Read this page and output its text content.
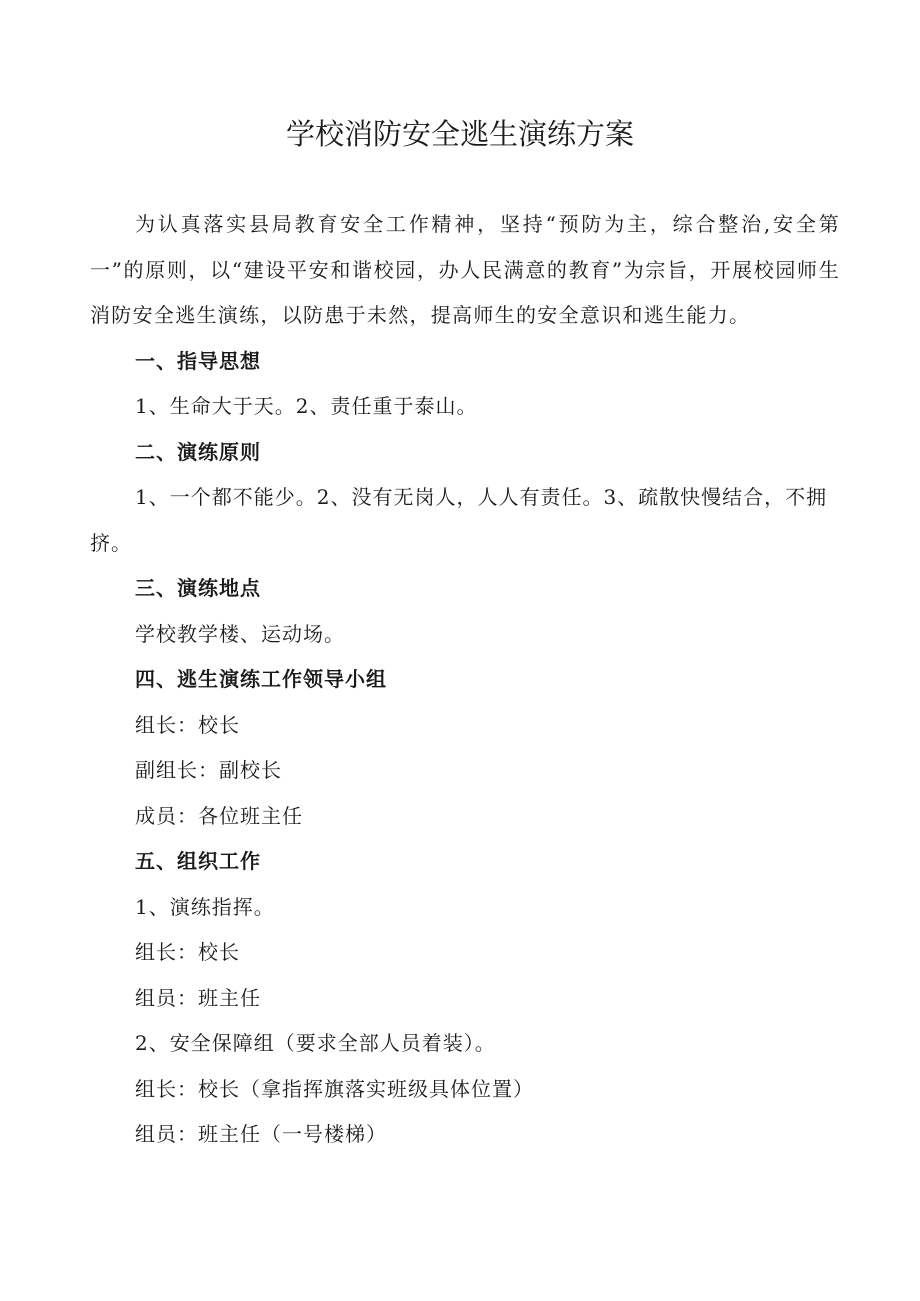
学校消防安全逃生演练方案

为认真落实县局教育安全工作精神，坚持“预防为主，综合整治,安全第一”的原则，以“建设平安和谐校园，办人民满意的教育”为宗旨，开展校园师生消防安全逃生演练，以防患于未然，提高师生的安全意识和逃生能力。

一、指导思想

1、生命大于天。2、责任重于泰山。

二、演练原则

1、一个都不能少。2、没有无岗人，人人有责任。3、疏散快慢结合，不拥挤。

三、演练地点

学校教学楼、运动场。

四、逃生演练工作领导小组

组长：校长

副组长：副校长

成员：各位班主任

五、组织工作

1、演练指挥。

组长：校长

组员：班主任

2、安全保障组（要求全部人员着装）。

组长：校长（拿指挥旗落实班级具体位置）

组员：班主任（一号楼梯）
